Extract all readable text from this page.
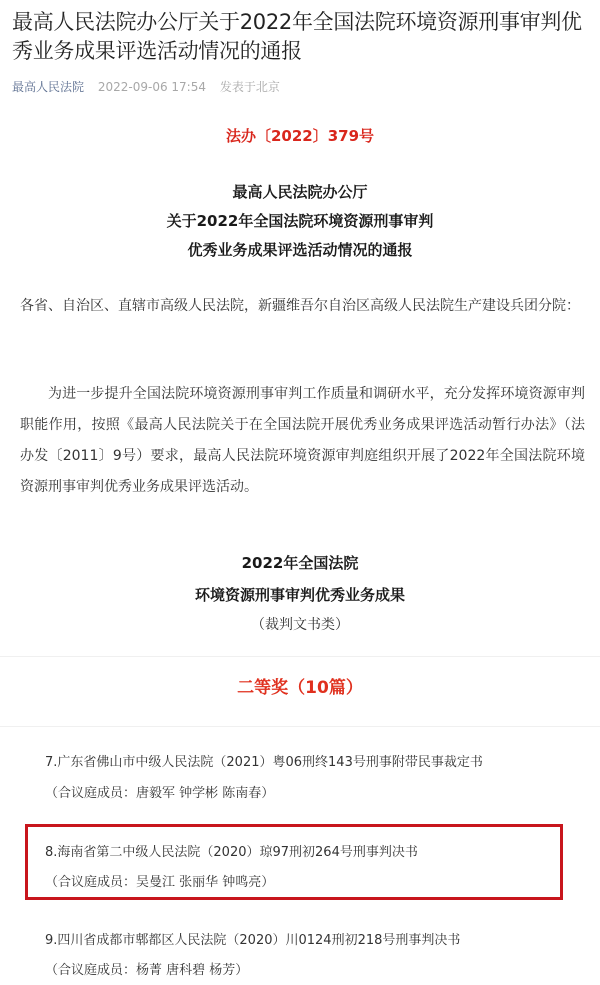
最高人民法院办公厅关于2022年全国法院环境资源刑事审判优秀业务成果评选活动情况的通报
最高人民法院 2022-09-06 17:54 发表于北京
法办〔2022〕379号
最高人民法院办公厅
关于2022年全国法院环境资源刑事审判
优秀业务成果评选活动情况的通报

各省、自治区、直辖市高级人民法院，新疆维吾尔自治区高级人民法院生产建设兵团分院：

为进一步提升全国法院环境资源刑事审判工作质量和调研水平，充分发挥环境资源审判职能作用，按照《最高人民法院关于在全国法院开展优秀业务成果评选活动暂行办法》（法办发〔2011〕9号）要求，最高人民法院环境资源审判庭组织开展了2022年全国法院环境资源刑事审判优秀业务成果评选活动。

2022年全国法院
环境资源刑事审判优秀业务成果
（裁判文书类）
二等奖（10篇）
7.广东省佛山市中级人民法院（2021）粤06刑终143号刑事附带民事裁定书
（合议庭成员：唐毅军 钟学彬 陈南春）
8.海南省第二中级人民法院（2020）琼97刑初264号刑事判决书
（合议庭成员：吴曼江 张丽华 钟鸣亮）
9.四川省成都市郫都区人民法院（2020）川0124刑初218号刑事判决书
（合议庭成员：杨菁 唐科碧 杨芳）
